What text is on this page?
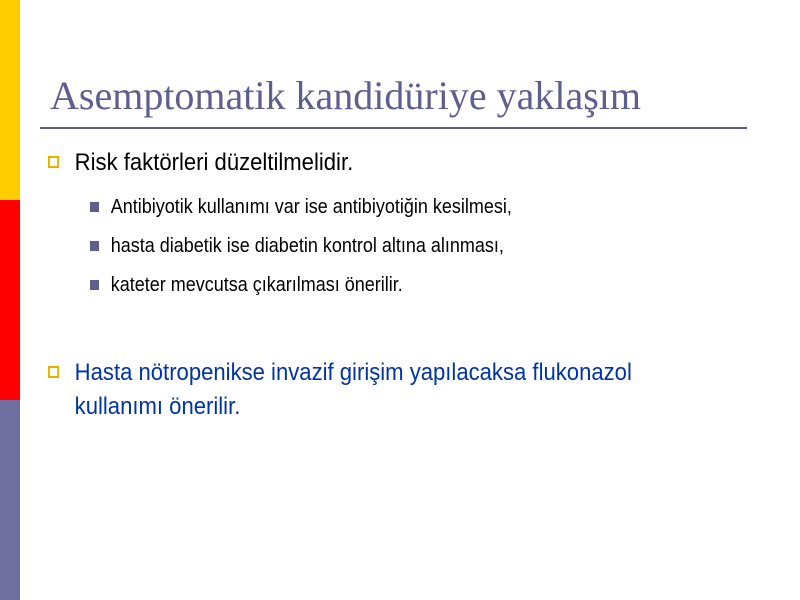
Asemptomatik kandidüriye yaklaşım
Risk faktörleri düzeltilmelidir.
Antibiyotik kullanımı var ise antibiyotiğin kesilmesi,
hasta diabetik ise diabetin kontrol altına alınması,
kateter mevcutsa çıkarılması önerilir.
Hasta nötropenikse invazif girişim yapılacaksa flukonazol
kullanımı önerilir.
